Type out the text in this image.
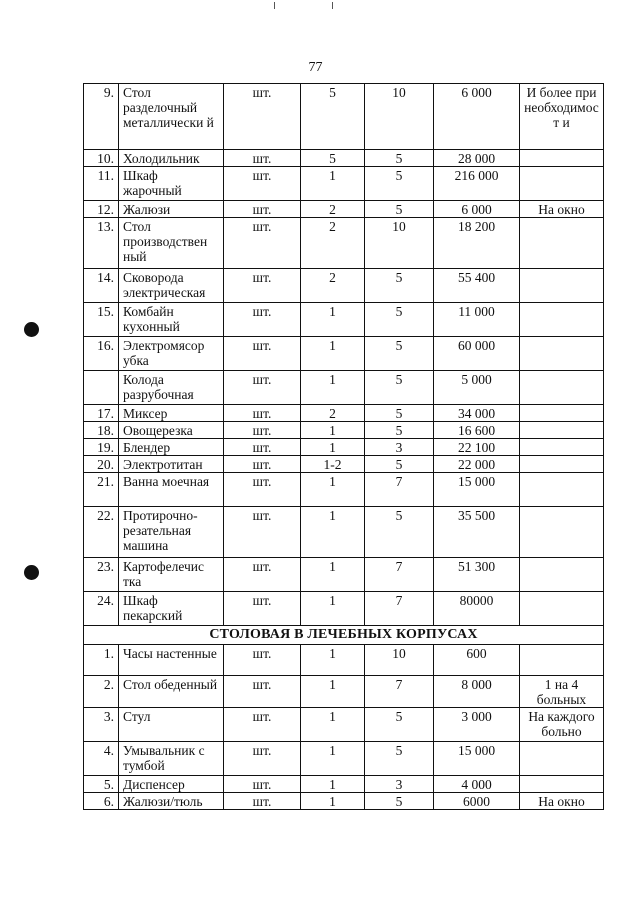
77
9.	Стол разделочный металлически й	шт.	5	10	6 000	И более при необходимост и
10.	Холодильник	шт.	5	5	28 000	
11.	Шкаф жарочный	шт.	1	5	216 000	
12.	Жалюзи	шт.	2	5	6 000	На окно
13.	Стол производствен ный	шт.	2	10	18 200	
14.	Сковорода электрическая	шт.	2	5	55 400	
15.	Комбайн кухонный	шт.	1	5	11 000	
16.	Электромясор убка	шт.	1	5	60 000	
	Колода разрубочная	шт.	1	5	5 000	
17.	Миксер	шт.	2	5	34 000	
18.	Овощерезка	шт.	1	5	16 600	
19.	Блендер	шт.	1	3	22 100	
20.	Электротитан	шт.	1-2	5	22 000	
21.	Ванна моечная	шт.	1	7	15 000	
22.	Протирочно-резательная машина	шт.	1	5	35 500	
23.	Картофелечис тка	шт.	1	7	51 300	
24.	Шкаф пекарский	шт.	1	7	80000	
СТОЛОВАЯ В ЛЕЧЕБНЫХ КОРПУСАХ						
1.	Часы настенные	шт.	1	10	600	
2.	Стол обеденный	шт.	1	7	8 000	1 на 4 больных
3.	Стул	шт.	1	5	3 000	На каждого больно
4.	Умывальник с тумбой	шт.	1	5	15 000	
5.	Диспенсер	шт.	1	3	4 000	
6.	Жалюзи/тюль	шт.	1	5	6000	На окно
